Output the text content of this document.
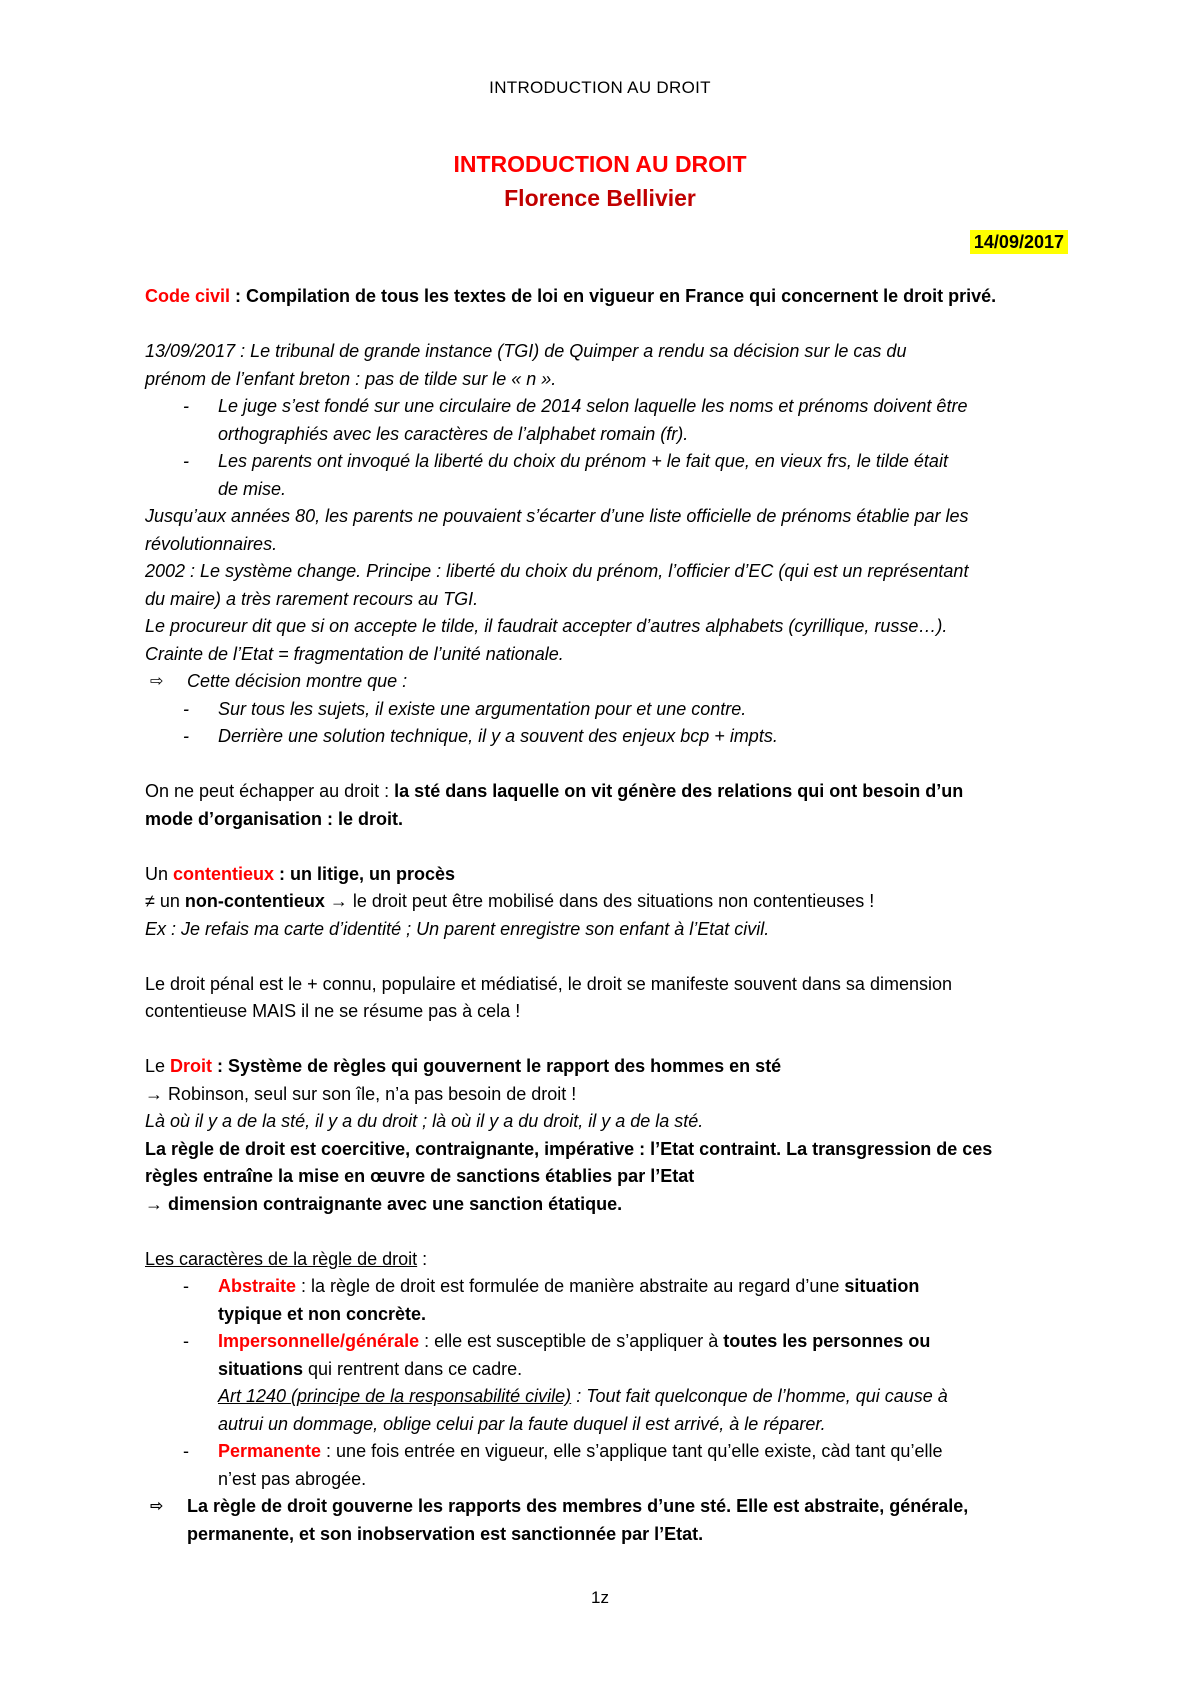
INTRODUCTION AU DROIT
INTRODUCTION AU DROIT
Florence Bellivier
14/09/2017
Code civil : Compilation de tous les textes de loi en vigueur en France qui concernent le droit privé.
13/09/2017 : Le tribunal de grande instance (TGI) de Quimper a rendu sa décision sur le cas du
prénom de l’enfant breton : pas de tilde sur le « n ».
- Le juge s’est fondé sur une circulaire de 2014 selon laquelle les noms et prénoms doivent être
orthographiés avec les caractères de l’alphabet romain (fr).
- Les parents ont invoqué la liberté du choix du prénom + le fait que, en vieux frs, le tilde était
de mise.
Jusqu’aux années 80, les parents ne pouvaient s’écarter d’une liste officielle de prénoms établie par les
révolutionnaires.
2002 : Le système change. Principe : liberté du choix du prénom, l’officier d’EC (qui est un représentant
du maire) a très rarement recours au TGI.
Le procureur dit que si on accepte le tilde, il faudrait accepter d’autres alphabets (cyrillique, russe…).
Crainte de l’Etat = fragmentation de l’unité nationale.
⇨ Cette décision montre que :
- Sur tous les sujets, il existe une argumentation pour et une contre.
- Derrière une solution technique, il y a souvent des enjeux bcp + impts.
On ne peut échapper au droit : la sté dans laquelle on vit génère des relations qui ont besoin d’un
mode d’organisation : le droit.
Un contentieux : un litige, un procès
≠ un non-contentieux → le droit peut être mobilisé dans des situations non contentieuses !
Ex : Je refais ma carte d’identité ; Un parent enregistre son enfant à l’Etat civil.
Le droit pénal est le + connu, populaire et médiatisé, le droit se manifeste souvent dans sa dimension
contentieuse MAIS il ne se résume pas à cela !
Le Droit : Système de règles qui gouvernent le rapport des hommes en sté
→ Robinson, seul sur son île, n’a pas besoin de droit !
Là où il y a de la sté, il y a du droit ; là où il y a du droit, il y a de la sté.
La règle de droit est coercitive, contraignante, impérative : l’Etat contraint. La transgression de ces
règles entraîne la mise en œuvre de sanctions établies par l’Etat
→ dimension contraignante avec une sanction étatique.
Les caractères de la règle de droit :
- Abstraite : la règle de droit est formulée de manière abstraite au regard d’une situation
typique et non concrète.
- Impersonnelle/générale : elle est susceptible de s’appliquer à toutes les personnes ou
situations qui rentrent dans ce cadre.
Art 1240 (principe de la responsabilité civile) : Tout fait quelconque de l’homme, qui cause à
autrui un dommage, oblige celui par la faute duquel il est arrivé, à le réparer.
- Permanente : une fois entrée en vigueur, elle s’applique tant qu’elle existe, càd tant qu’elle
n’est pas abrogée.
⇨ La règle de droit gouverne les rapports des membres d’une sté. Elle est abstraite, générale,
permanente, et son inobservation est sanctionnée par l’Etat.
1z
